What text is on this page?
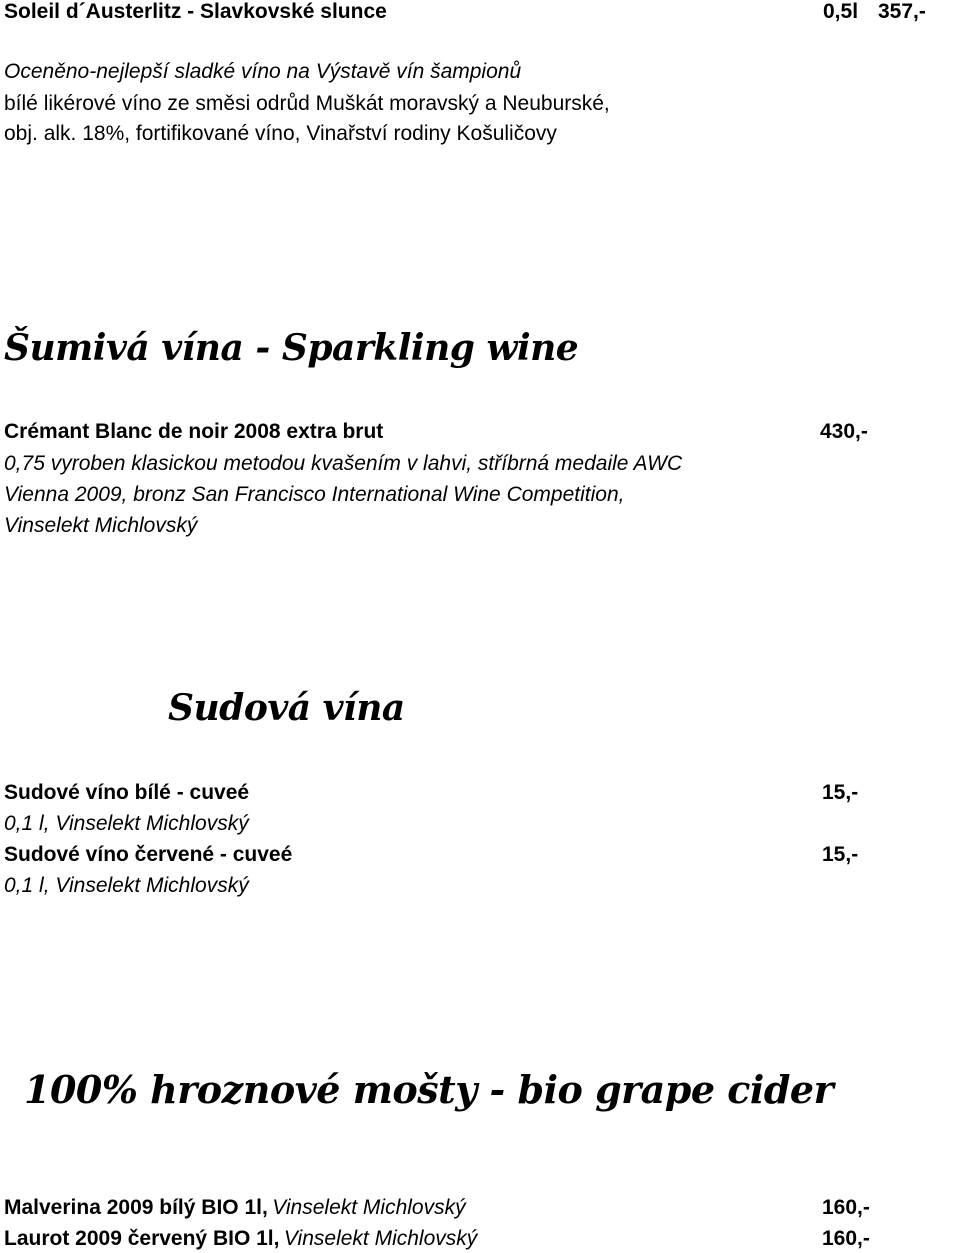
Soleil d´Austerlitz - Slavkovské slunce	0,5l 357,-
Oceněno-nejlepší sladké víno na Výstavě vín šampionů
bílé likérové víno ze směsi odrůd Muškát moravský a Neuburské,
obj. alk. 18%, fortifikované víno, Vinařství rodiny Košuličovy
Šumivá vína - Sparkling wine
Crémant Blanc de noir 2008 extra brut	430,-
0,75 vyroben klasickou metodou kvašením v lahvi, stříbrná medaile AWC
Vienna 2009, bronz San Francisco International Wine Competition,
Vinselekt Michlovský
Sudová vína
Sudové víno bílé - cuveé	15,-
0,1 l, Vinselekt Michlovský
Sudové víno červené - cuveé	15,-
0,1 l, Vinselekt Michlovský
100% hroznové mošty - bio grape cider
Malverina 2009 bílý BIO 1l, Vinselekt Michlovský	160,-
Laurot 2009 červený BIO 1l, Vinselekt Michlovský	160,-
